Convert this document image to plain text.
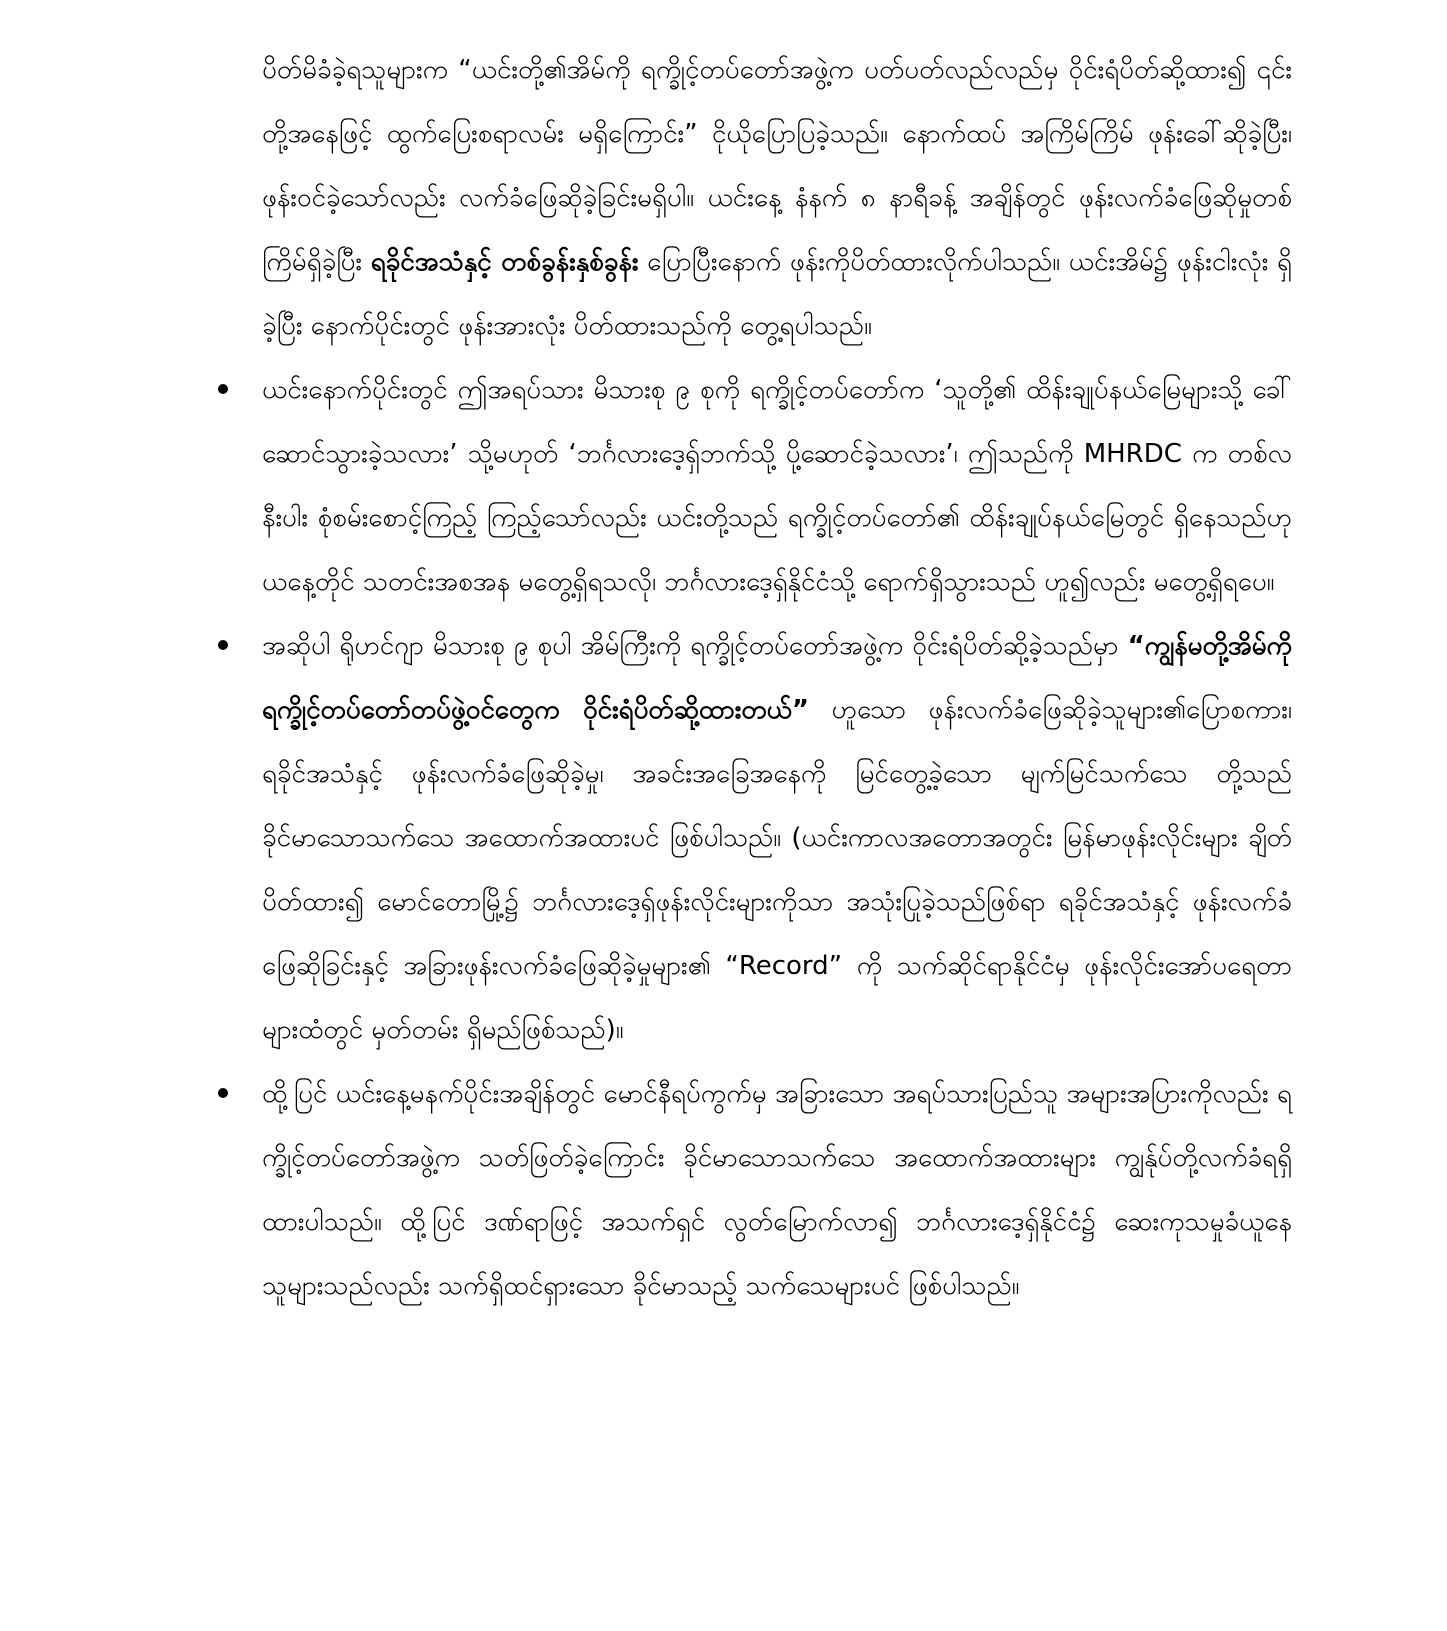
ပိတ်မိခံခဲ့ရသူများက “ယင်းတို့၏အိမ်ကို ရက္ခိုင့်တပ်တော်အဖွဲ့က ပတ်ပတ်လည်လည်မှ ဝိုင်းရံပိတ်ဆို့ထား၍ ၎င်းတို့အနေဖြင့် ထွက်ပြေးစရာလမ်း မရှိကြောင်း” ငိုယိုပြောပြခဲ့သည်။ နောက်ထပ် အကြိမ်ကြိမ် ဖုန်းခေါ်ဆိုခဲ့ပြီး၊ ဖုန်းဝင်ခဲ့သော်လည်း လက်ခံဖြေဆိုခဲ့ခြင်းမရှိပါ။ ယင်းနေ့ နံနက် ၈ နာရီခန့် အချိန်တွင် ဖုန်းလက်ခံဖြေဆိုမှုတစ်ကြိမ်ရှိခဲ့ပြီး ရခိုင်အသံနှင့် တစ်ခွန်းနှစ်ခွန်း ပြောပြီးနောက် ဖုန်းကိုပိတ်ထားလိုက်ပါသည်။ ယင်းအိမ်၌ ဖုန်းငါးလုံး ရှိခဲ့ပြီး နောက်ပိုင်းတွင် ဖုန်းအားလုံး ပိတ်ထားသည်ကို တွေ့ရပါသည်။

ယင်းနောက်ပိုင်းတွင် ဤအရပ်သား မိသားစု ၉ စုကို ရက္ခိုင့်တပ်တော်က ‘သူတို့၏ ထိန်းချုပ်နယ်မြေများသို့ ခေါ်ဆောင်သွားခဲ့သလား’ သို့မဟုတ် ‘ဘင်္ဂလားဒေ့ရှ်ဘက်သို့ ပို့ဆောင်ခဲ့သလား’၊ ဤသည်ကို MHRDC က တစ်လနီးပါး စုံစမ်းစောင့်ကြည့် ကြည့်သော်လည်း ယင်းတို့သည် ရက္ခိုင့်တပ်တော်၏ ထိန်းချုပ်နယ်မြေတွင် ရှိနေသည်ဟု ယနေ့တိုင် သတင်းအစအန မတွေ့ရှိရသလို၊ ဘင်္ဂလားဒေ့ရှ်နိုင်ငံသို့ ရောက်ရှိသွားသည် ဟူ၍လည်း မတွေ့ရှိရပေ။
အဆိုပါ ရိုဟင်ဂျာ မိသားစု ၉ စုပါ အိမ်ကြီးကို ရက္ခိုင့်တပ်တော်အဖွဲ့က ဝိုင်းရံပိတ်ဆို့ခဲ့သည်မှာ “ကျွန်မတို့အိမ်ကို ရက္ခိုင့်တပ်တော်တပ်ဖွဲ့ဝင်တွေက ဝိုင်းရံပိတ်ဆို့ထားတယ်” ဟူသော ဖုန်းလက်ခံဖြေဆိုခဲ့သူများ၏ပြောစကား၊ ရခိုင်အသံနှင့် ဖုန်းလက်ခံဖြေဆိုခဲ့မှု၊ အခင်းအခြေအနေကို မြင်တွေ့ခဲ့သော မျက်မြင်သက်သေ တို့သည် ခိုင်မာသောသက်သေ အထောက်အထားပင် ဖြစ်ပါသည်။ (ယင်းကာလအတောအတွင်း မြန်မာဖုန်းလိုင်းများ ချိတ်ပိတ်ထား၍ မောင်တောမြို့၌ ဘင်္ဂလားဒေ့ရှ်ဖုန်းလိုင်းများကိုသာ အသုံးပြုခဲ့သည်ဖြစ်ရာ ရခိုင်အသံနှင့် ဖုန်းလက်ခံဖြေဆိုခြင်းနှင့် အခြားဖုန်းလက်ခံဖြေဆိုခဲ့မှုများ၏ “Record” ကို သက်ဆိုင်ရာနိုင်ငံမှ ဖုန်းလိုင်းအော်ပရေတာများထံတွင် မှတ်တမ်း ရှိမည်ဖြစ်သည်)။
ထို့ပြင် ယင်းနေ့မနက်ပိုင်းအချိန်တွင် မောင်နီရပ်ကွက်မှ အခြားသော အရပ်သားပြည်သူ အများအပြားကိုလည်း ရက္ခိုင့်တပ်တော်အဖွဲ့က သတ်ဖြတ်ခဲ့ကြောင်း ခိုင်မာသောသက်သေ အထောက်အထားများ ကျွန်ုပ်တို့လက်ခံရရှိထားပါသည်။ ထို့ပြင် ဒဏ်ရာဖြင့် အသက်ရှင် လွတ်မြောက်လာ၍ ဘင်္ဂလားဒေ့ရှ်နိုင်ငံ၌ ဆေးကုသမှုခံယူနေသူများသည်လည်း သက်ရှိထင်ရှားသော ခိုင်မာသည့် သက်သေများပင် ဖြစ်ပါသည်။
